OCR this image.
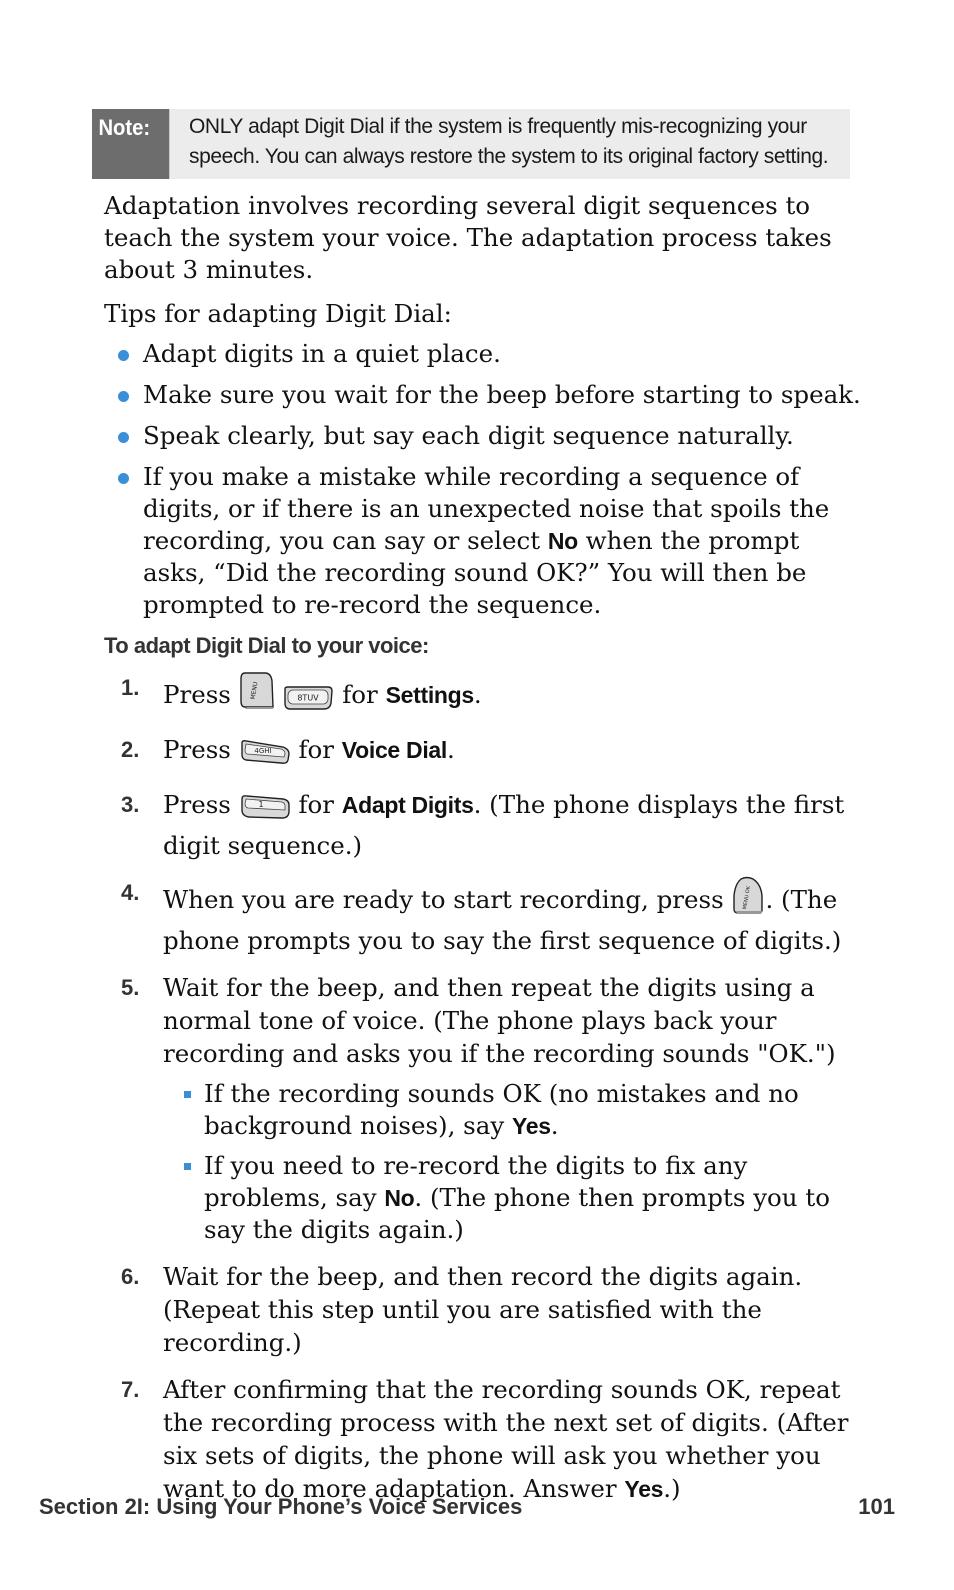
Note:	ONLY adapt Digit Dial if the system is frequently mis-recognizing your
speech. You can always restore the system to its original factory setting.

Adaptation involves recording several digit sequences to teach the system your voice. The adaptation process takes about 3 minutes.

Tips for adapting Digit Dial:

Adapt digits in a quiet place.
Make sure you wait for the beep before starting to speak.
Speak clearly, but say each digit sequence naturally.
If you make a mistake while recording a sequence of digits, or if there is an unexpected noise that spoils the recording, you can say or select No when the prompt asks, “Did the recording sound OK?” You will then be prompted to re-record the sequence.
To adapt Digit Dial to your voice:
1. Press	MENU
	8TUV for Settings.
2. Press	4GHI for Voice Dial.
3. Press	1 for Adapt Digits. (The phone displays the first digit sequence.)
4. When you are ready to start recording, press MENU OK . (The phone prompts you to say the first sequence of digits.)
5. Wait for the beep, and then repeat the digits using a normal tone of voice. (The phone plays back your recording and asks you if the recording sounds "OK.")
If the recording sounds OK (no mistakes and no background noises), say Yes.
If you need to re-record the digits to fix any problems, say No. (The phone then prompts you to say the digits again.)
6. Wait for the beep, and then record the digits again. (Repeat this step until you are satisfied with the recording.)
7. After confirming that the recording sounds OK, repeat the recording process with the next set of digits. (After six sets of digits, the phone will ask you whether you want to do more adaptation. Answer Yes.)
Section 2I: Using Your Phone’s Voice Services	101
